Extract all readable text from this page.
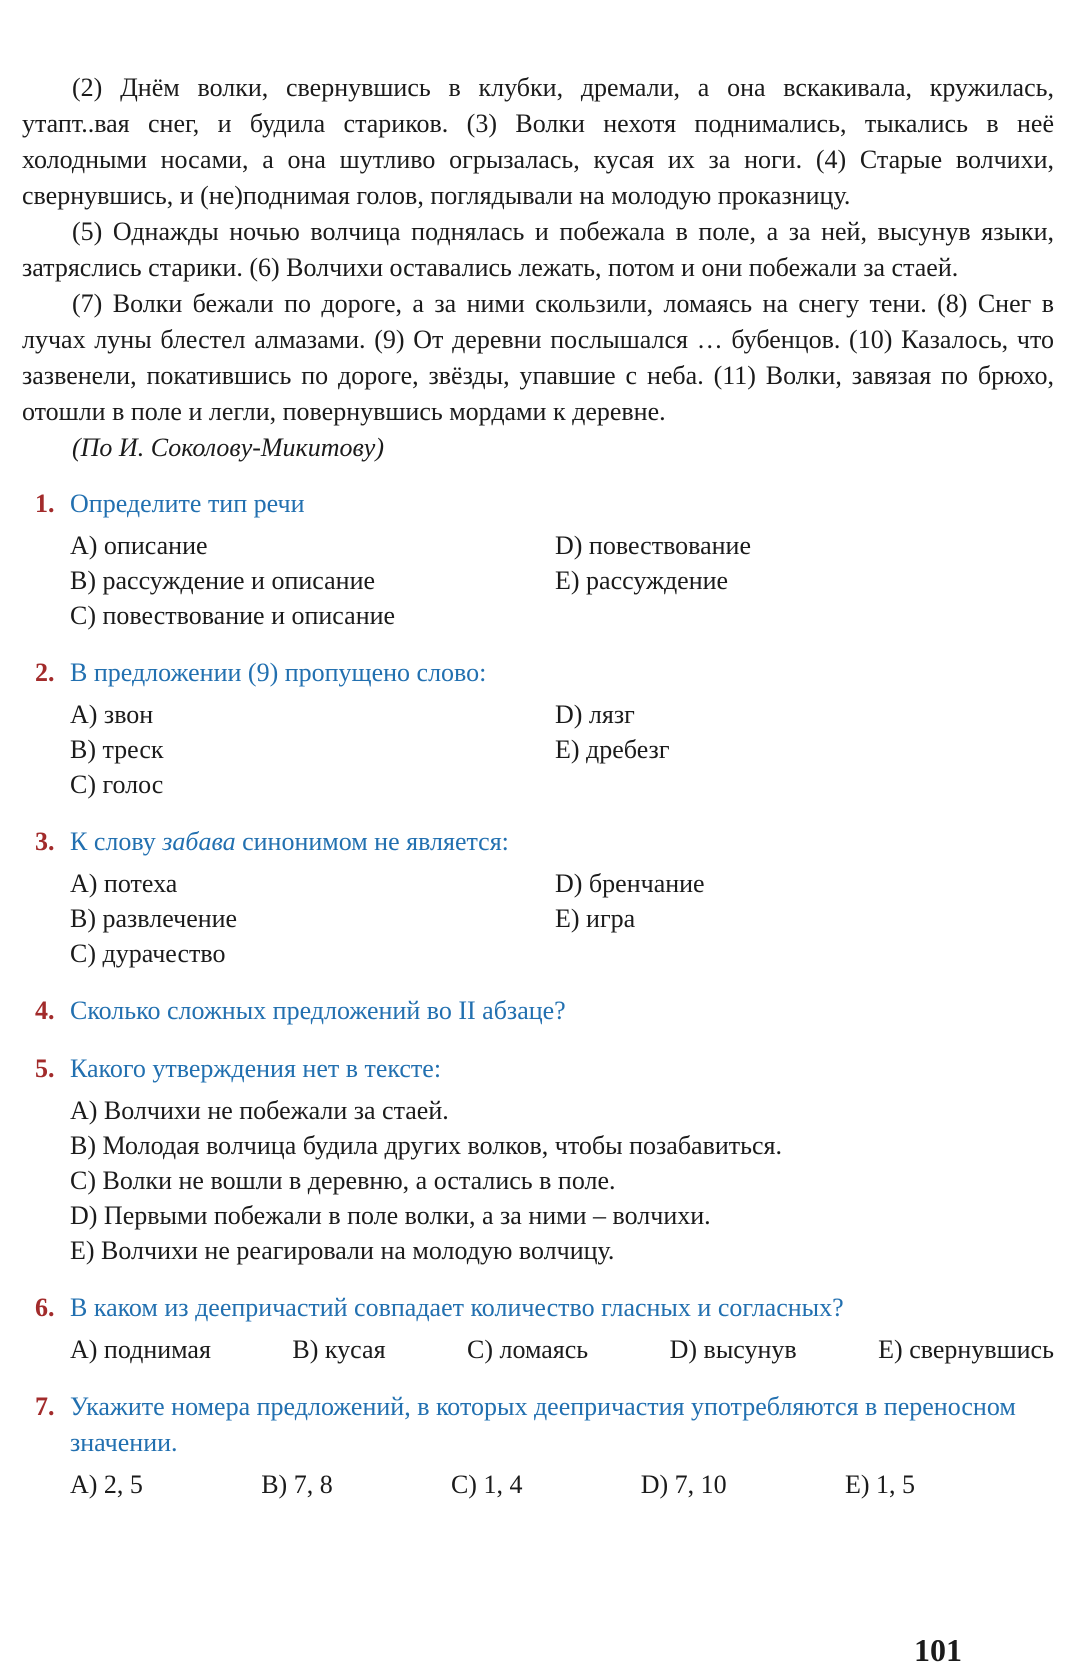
(2) Днём волки, свернувшись в клубки, дремали, а она вскакивала, кружилась, утапт..вая снег, и будила стариков. (3) Волки нехотя поднимались, тыкались в неё холодными носами, а она шутливо огрызалась, кусая их за ноги. (4) Старые волчихи, свернувшись, и (не)поднимая голов, поглядывали на молодую проказницу.

(5) Однажды ночью волчица поднялась и побежала в поле, а за ней, высунув языки, затряслись старики. (6) Волчихи оставались лежать, потом и они побежали за стаей.

(7) Волки бежали по дороге, а за ними скользили, ломаясь на снегу тени. (8) Снег в лучах луны блестел алмазами. (9) От деревни послышался … бубенцов. (10) Казалось, что зазвенели, покатившись по дороге, звёзды, упавшие с неба. (11) Волки, завязая по брюхо, отошли в поле и легли, повернувшись мордами к деревне.

(По И. Соколову-Микитову)

1. Определите тип речи
A) описание
B) рассуждение и описание
C) повествование и описание
D) повествование
E) рассуждение
2. В предложении (9) пропущено слово:
A) звон
B) треск
C) голос
D) лязг
E) дребезг
3. К слову забава синонимом не является:
A) потеха
B) развлечение
C) дурачество
D) бренчание
E) игра
4. Сколько сложных предложений во II абзаце?
5. Какого утверждения нет в тексте:
A) Волчихи не побежали за стаей.
B) Молодая волчица будила других волков, чтобы позабавиться.
C) Волки не вошли в деревню, а остались в поле.
D) Первыми побежали в поле волки, а за ними – волчихи.
E) Волчихи не реагировали на молодую волчицу.
6. В каком из деепричастий совпадает количество гласных и согласных?
A) поднимая	B) кусая	C) ломаясь	D) высунув	E) свернувшись
7. Укажите номера предложений, в которых деепричастия употребляются в переносном значении.
A) 2, 5	B) 7, 8	C) 1, 4	D) 7, 10	E) 1, 5
101
